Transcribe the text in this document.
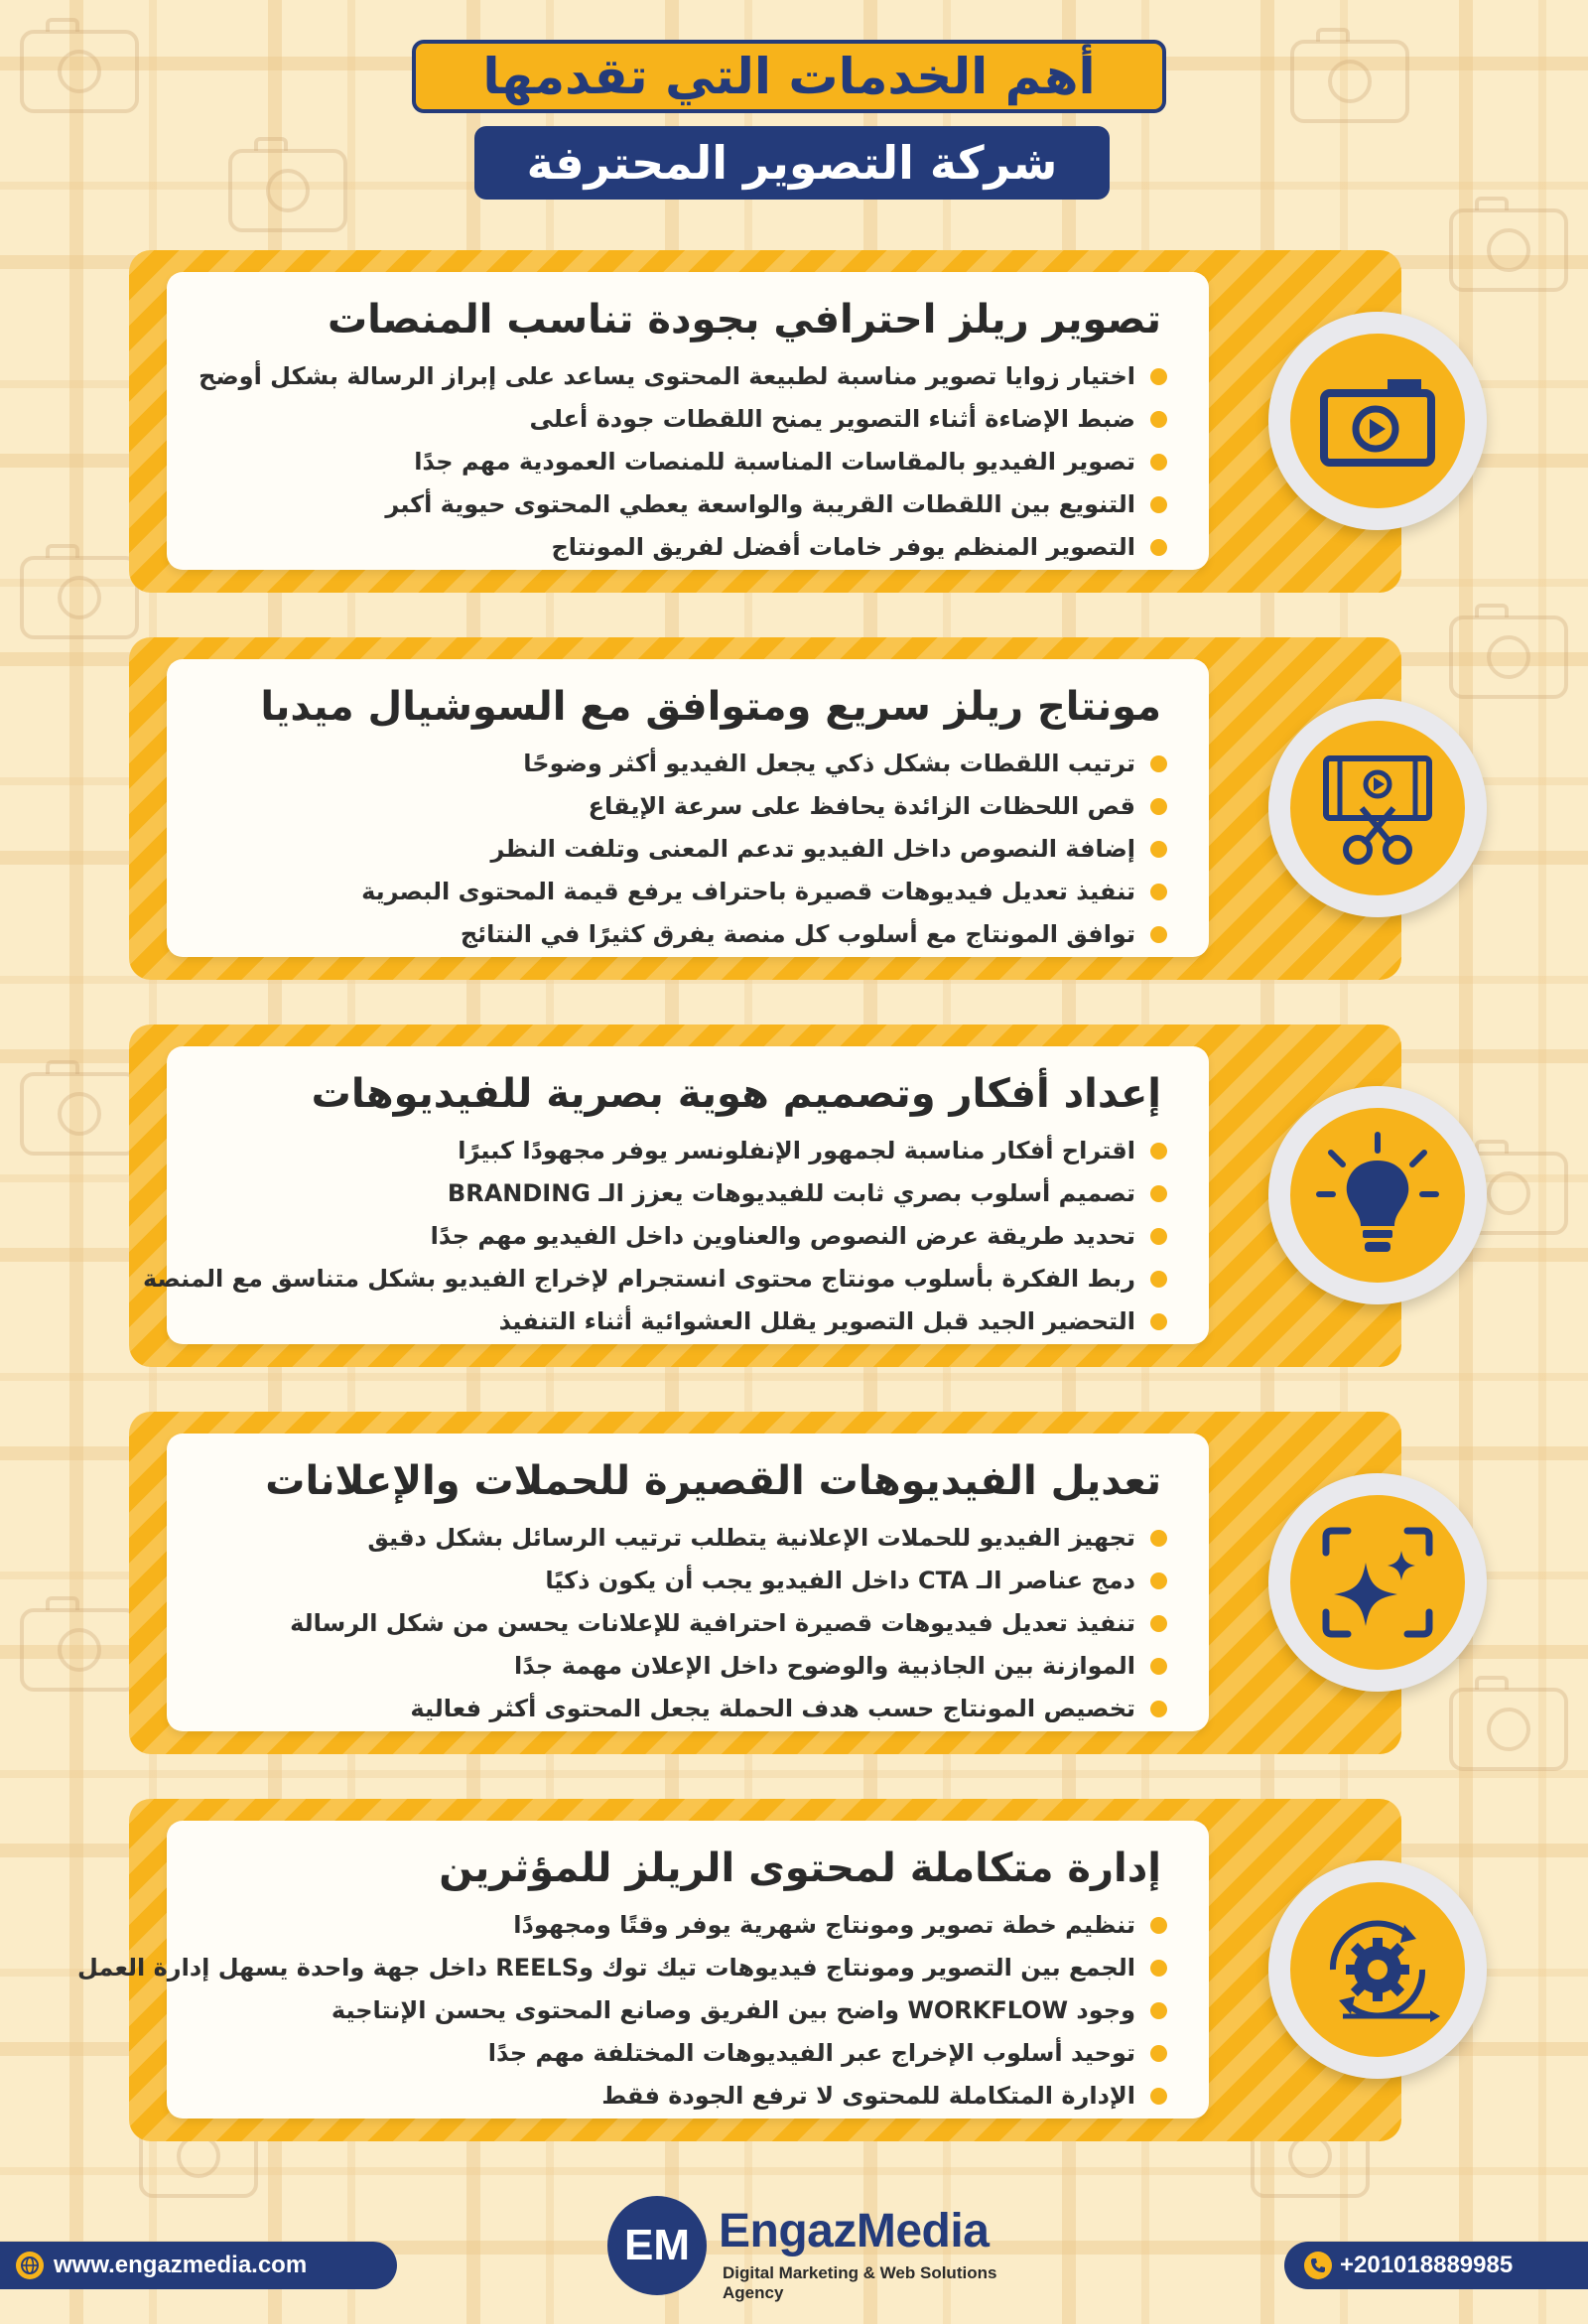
أهم الخدمات التي تقدمها
شركة التصوير المحترفة
تصوير ريلز احترافي بجودة تناسب المنصات
اختيار زوايا تصوير مناسبة لطبيعة المحتوى يساعد على إبراز الرسالة بشكل أوضح
ضبط الإضاءة أثناء التصوير يمنح اللقطات جودة أعلى
تصوير الفيديو بالمقاسات المناسبة للمنصات العمودية مهم جدًا
التنويع بين اللقطات القريبة والواسعة يعطي المحتوى حيوية أكبر
التصوير المنظم يوفر خامات أفضل لفريق المونتاج
مونتاج ريلز سريع ومتوافق مع السوشيال ميديا
ترتيب اللقطات بشكل ذكي يجعل الفيديو أكثر وضوحًا
قص اللحظات الزائدة يحافظ على سرعة الإيقاع
إضافة النصوص داخل الفيديو تدعم المعنى وتلفت النظر
تنفيذ تعديل فيديوهات قصيرة باحتراف يرفع قيمة المحتوى البصرية
توافق المونتاج مع أسلوب كل منصة يفرق كثيرًا في النتائج
إعداد أفكار وتصميم هوية بصرية للفيديوهات
اقتراح أفكار مناسبة لجمهور الإنفلونسر يوفر مجهودًا كبيرًا
تصميم أسلوب بصري ثابت للفيديوهات يعزز الـ BRANDING
تحديد طريقة عرض النصوص والعناوين داخل الفيديو مهم جدًا
ربط الفكرة بأسلوب مونتاج محتوى انستجرام لإخراج الفيديو بشكل متناسق مع المنصة
التحضير الجيد قبل التصوير يقلل العشوائية أثناء التنفيذ
تعديل الفيديوهات القصيرة للحملات والإعلانات
تجهيز الفيديو للحملات الإعلانية يتطلب ترتيب الرسائل بشكل دقيق
دمج عناصر الـ CTA داخل الفيديو يجب أن يكون ذكيًا
تنفيذ تعديل فيديوهات قصيرة احترافية للإعلانات يحسن من شكل الرسالة
الموازنة بين الجاذبية والوضوح داخل الإعلان مهمة جدًا
تخصيص المونتاج حسب هدف الحملة يجعل المحتوى أكثر فعالية
إدارة متكاملة لمحتوى الريلز للمؤثرين
تنظيم خطة تصوير ومونتاج شهرية يوفر وقتًا ومجهودًا
الجمع بين التصوير ومونتاج فيديوهات تيك توك وREELS داخل جهة واحدة يسهل إدارة العمل
وجود WORKFLOW واضح بين الفريق وصانع المحتوى يحسن الإنتاجية
توحيد أسلوب الإخراج عبر الفيديوهات المختلفة مهم جدًا
الإدارة المتكاملة للمحتوى لا ترفع الجودة فقط
www.engazmedia.com	EM EngazMedia
Digital Marketing & Web Solutions Agency
+201018889985
